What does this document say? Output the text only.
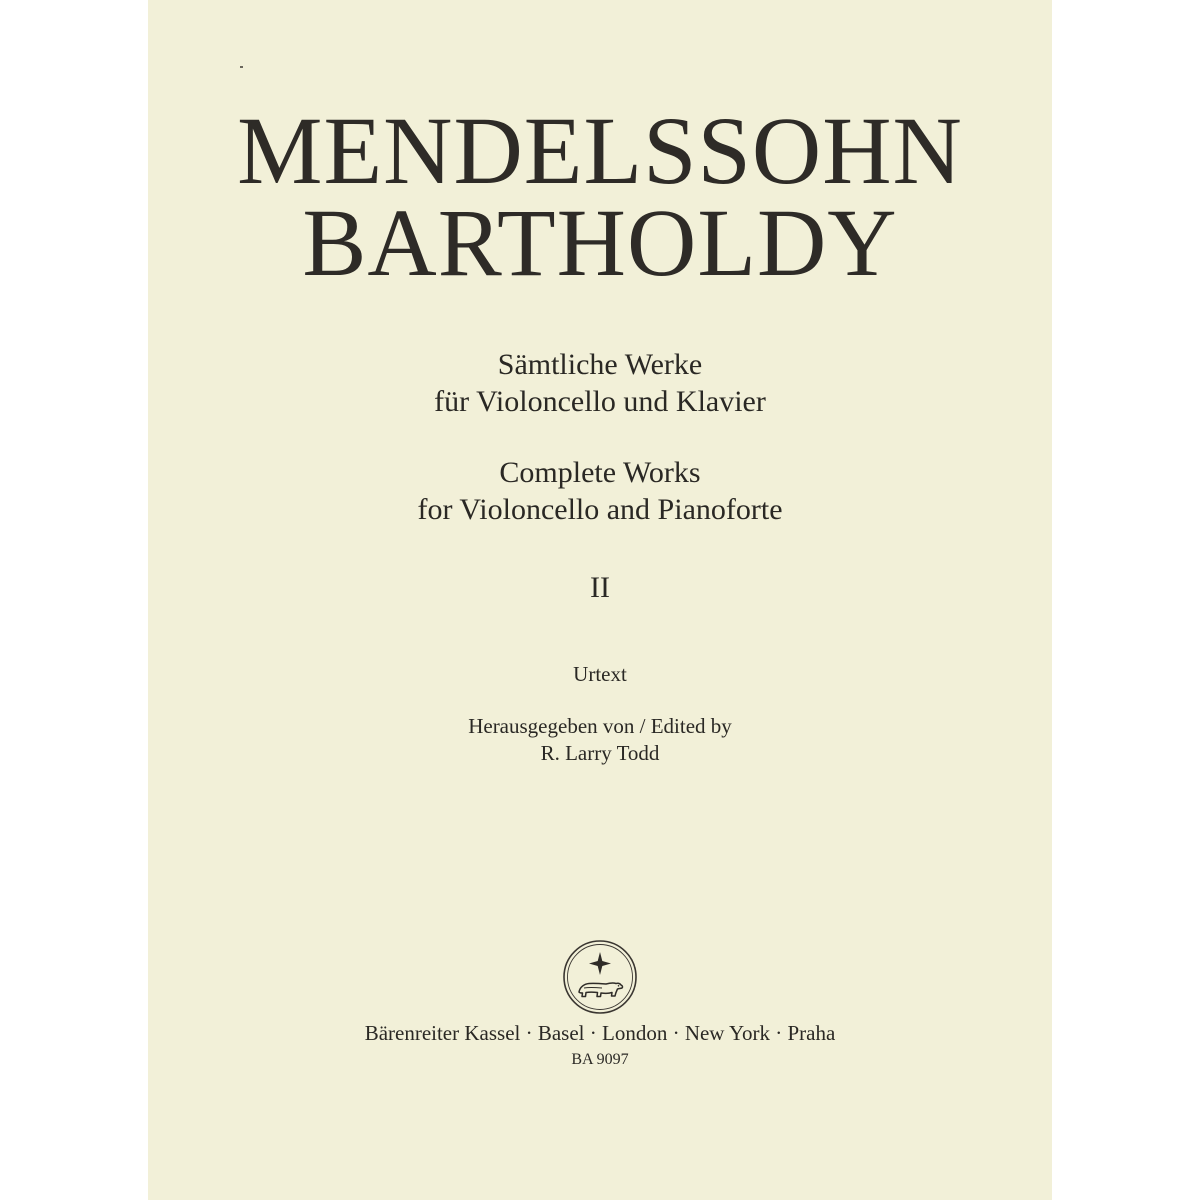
MENDELSSOHN
BARTHOLDY
Sämtliche Werke
für Violoncello und Klavier
Complete Works
for Violoncello and Pianoforte
II
Urtext
Herausgegeben von / Edited by
R. Larry Todd
Bärenreiter Kassel · Basel · London · New York · Praha
BA 9097
